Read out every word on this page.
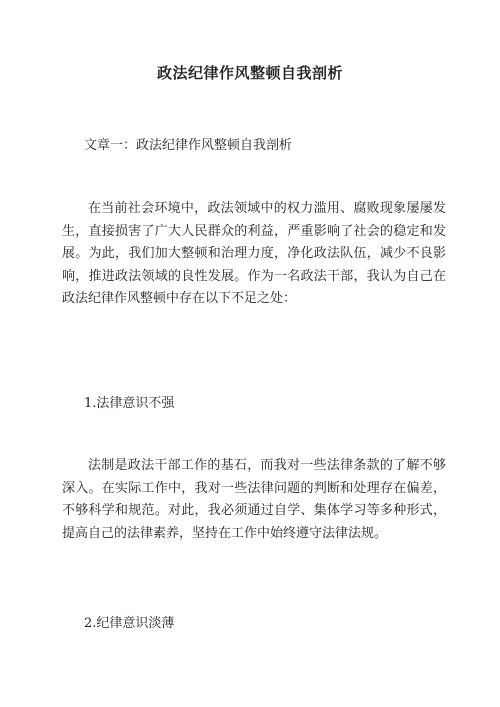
政法纪律作风整顿自我剖析
文章一：政法纪律作风整顿自我剖析

在当前社会环境中，政法领域中的权力滥用、腐败现象屡屡发生，直接损害了广大人民群众的利益，严重影响了社会的稳定和发展。为此，我们加大整顿和治理力度，净化政法队伍，减少不良影响，推进政法领域的良性发展。作为一名政法干部，我认为自己在政法纪律作风整顿中存在以下不足之处：

1.法律意识不强

法制是政法干部工作的基石，而我对一些法律条款的了解不够深入。在实际工作中，我对一些法律问题的判断和处理存在偏差，不够科学和规范。对此，我必须通过自学、集体学习等多种形式，提高自己的法律素养，坚持在工作中始终遵守法律法规。

2.纪律意识淡薄
